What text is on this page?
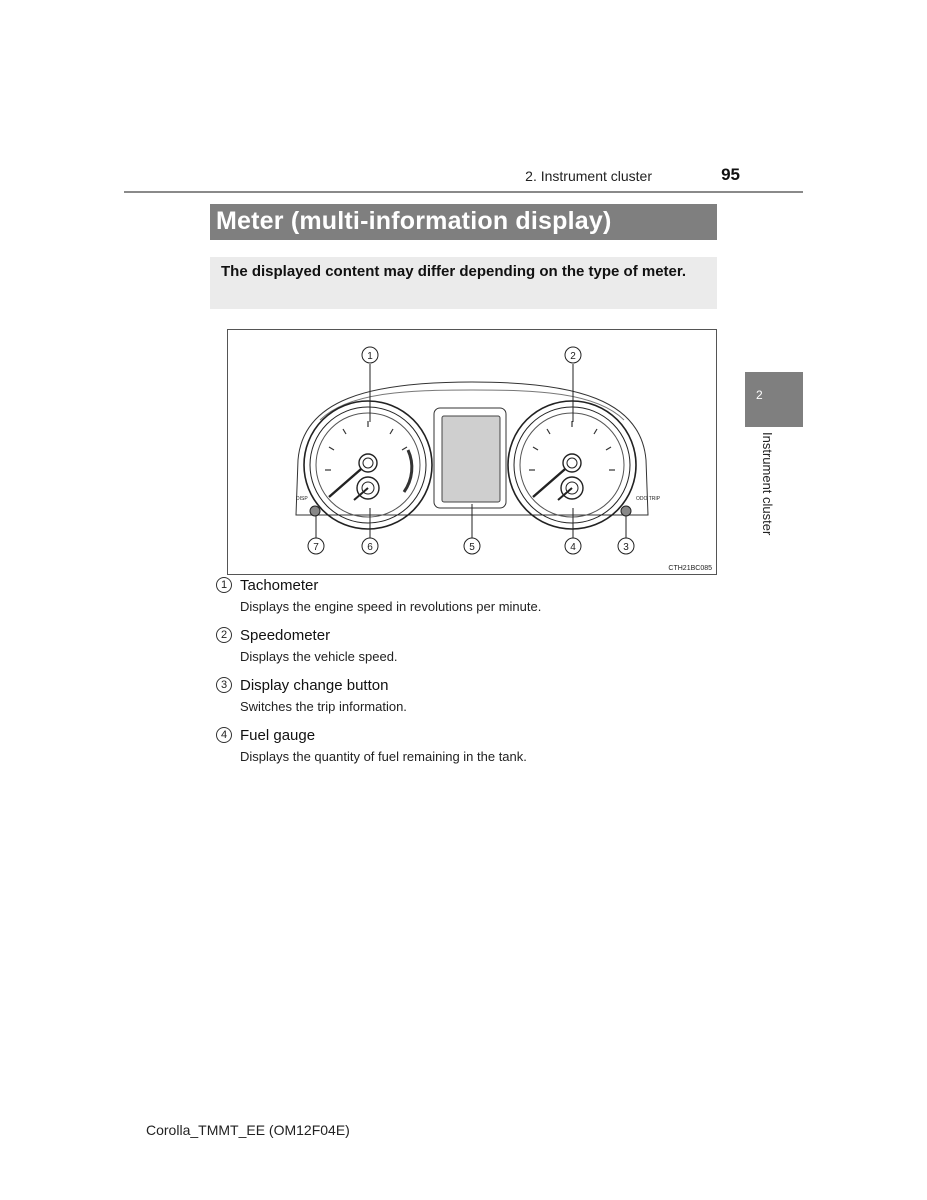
2. Instrument cluster	95
Meter (multi-information display)
The displayed content may differ depending on the type of meter.
DISP	ODO TRIP
1	2
3
4
5
6
7
CTH21BC085
2
Instrument cluster
1 Tachometer
Displays the engine speed in revolutions per minute.
2 Speedometer
Displays the vehicle speed.
3 Display change button
Switches the trip information.
4 Fuel gauge
Displays the quantity of fuel remaining in the tank.
Corolla_TMMT_EE (OM12F04E)
